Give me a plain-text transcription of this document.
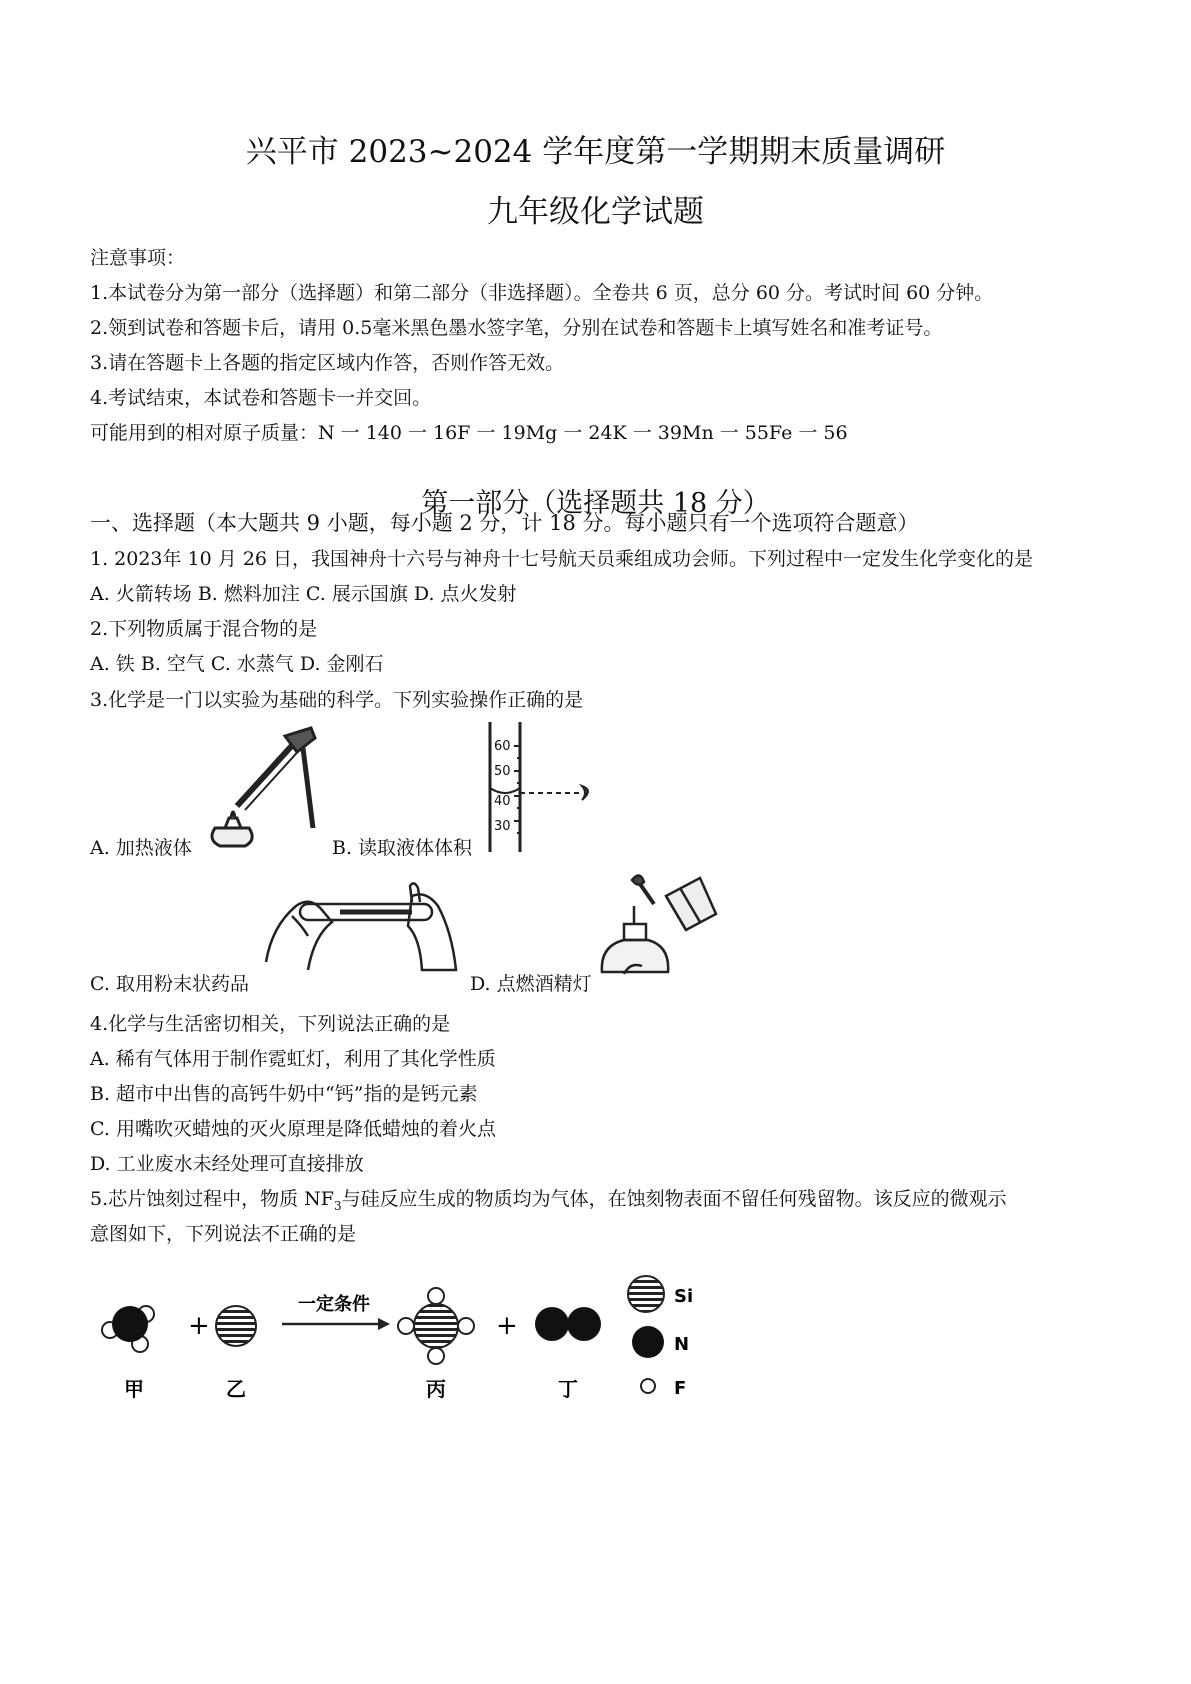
兴平市 2023~2024 学年度第一学期期末质量调研
九年级化学试题
注意事项：
1.本试卷分为第一部分（选择题）和第二部分（非选择题）。全卷共 6 页，总分 60 分。考试时间 60 分钟。
2.领到试卷和答题卡后，请用 0.5毫米黑色墨水签字笔，分别在试卷和答题卡上填写姓名和准考证号。
3.请在答题卡上各题的指定区域内作答，否则作答无效。
4.考试结束，本试卷和答题卡一并交回。
可能用到的相对原子质量：N 一 140 一 16F 一 19Mg 一 24K 一 39Mn 一 55Fe 一 56
第一部分（选择题共 18 分）
一、选择题（本大题共 9 小题，每小题 2 分，计 18 分。每小题只有一个选项符合题意）
1. 2023年 10 月 26 日，我国神舟十六号与神舟十七号航天员乘组成功会师。下列过程中一定发生化学变化的是
A. 火箭转场 B. 燃料加注 C. 展示国旗 D. 点火发射
2.下列物质属于混合物的是
A. 铁 B. 空气 C. 水蒸气 D. 金刚石
3.化学是一门以实验为基础的科学。下列实验操作正确的是
A. 加热液体
60
50
40
30
B. 读取液体体积
C. 取用粉末状药品	D. 点燃酒精灯
4.化学与生活密切相关，下列说法正确的是
A. 稀有气体用于制作霓虹灯，利用了其化学性质
B. 超市中出售的高钙牛奶中“钙”指的是钙元素
C. 用嘴吹灭蜡烛的灭火原理是降低蜡烛的着火点
D. 工业废水未经处理可直接排放
5.芯片蚀刻过程中，物质 $NF_3$与硅反应生成的物质均为气体，在蚀刻物表面不留任何残留物。该反应的微观示
意图如下，下列说法不正确的是
+
一定条件
+
甲	乙	丙	丁
Si
N
F
